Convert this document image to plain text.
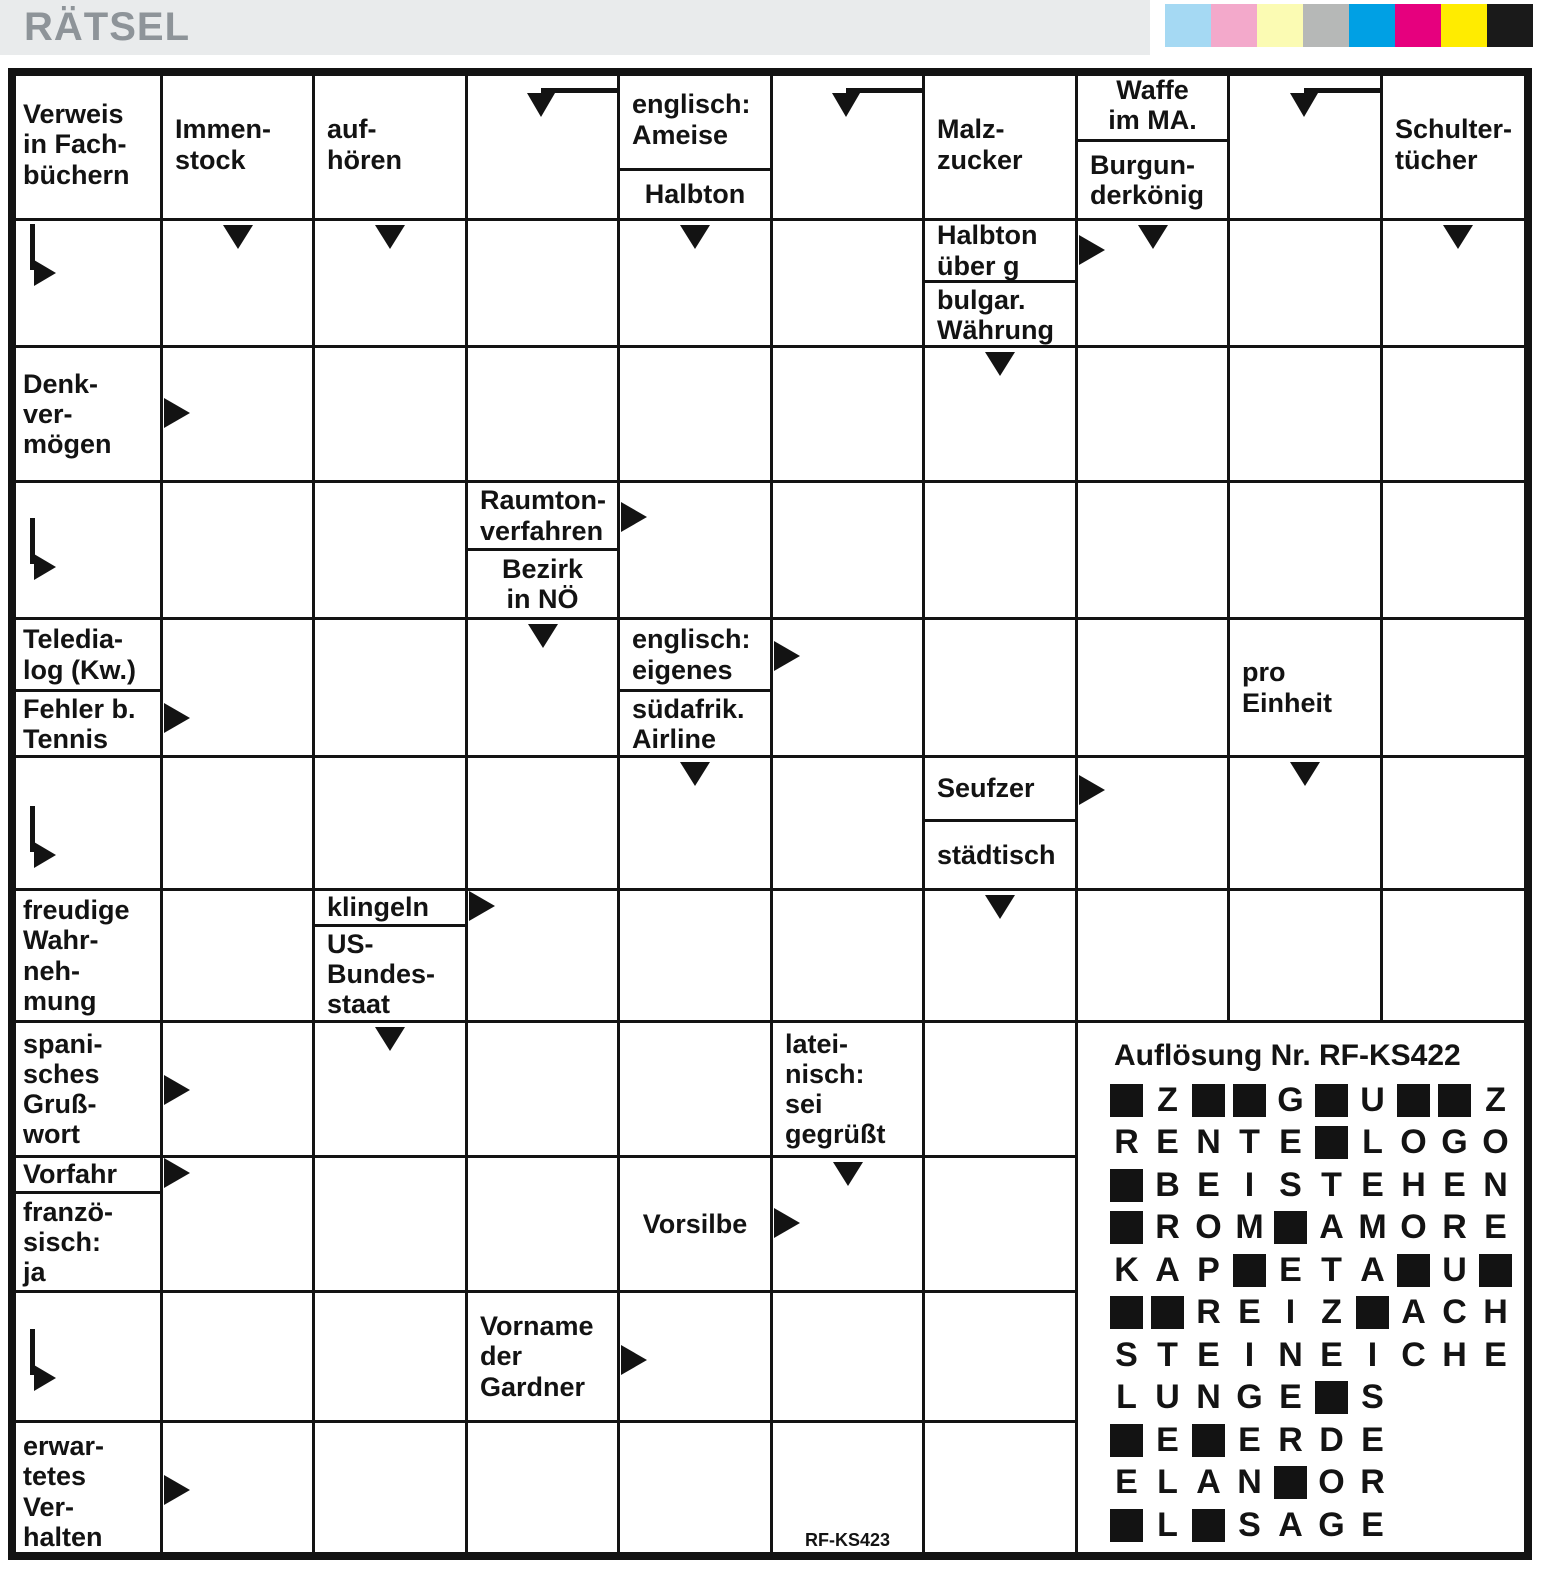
RÄTSEL
Auflösung Nr. RF-KS422
Z	G U	Z
R E N T E L O G O
B E I S T E H E N
R O M A M O R E
K A P E T A U
R E I Z A C H
S T E I N E I C H E
L U N G E S
E E R D E
E L A N O R
L S A G E
RF-KS423
Verweis
in Fach-
büchern
Immen-
stock
auf-
hören
englisch:
Ameise
Halbton
Malz-
zucker
Waffe
im MA.
Burgun-
derkönig
Schulter-
tücher
Halbton
über g
bulgar.
Währung
Denk-
ver-
mögen
Raumton-
verfahren
Bezirk
in NÖ
Teledia-
log (Kw.)
Fehler b.
Tennis
englisch:
eigenes
südafrik.
Airline
pro
Einheit
Seufzer
städtisch
freudige
Wahr-
neh-
mung
klingeln
US-
Bundes-
staat
spani-
sches
Gruß-
wort
latei-
nisch:
sei
gegrüßt
Vorfahr
franzö-
sisch:
ja
Vorsilbe
Vorname
der
Gardner
erwar-
tetes
Ver-
halten
